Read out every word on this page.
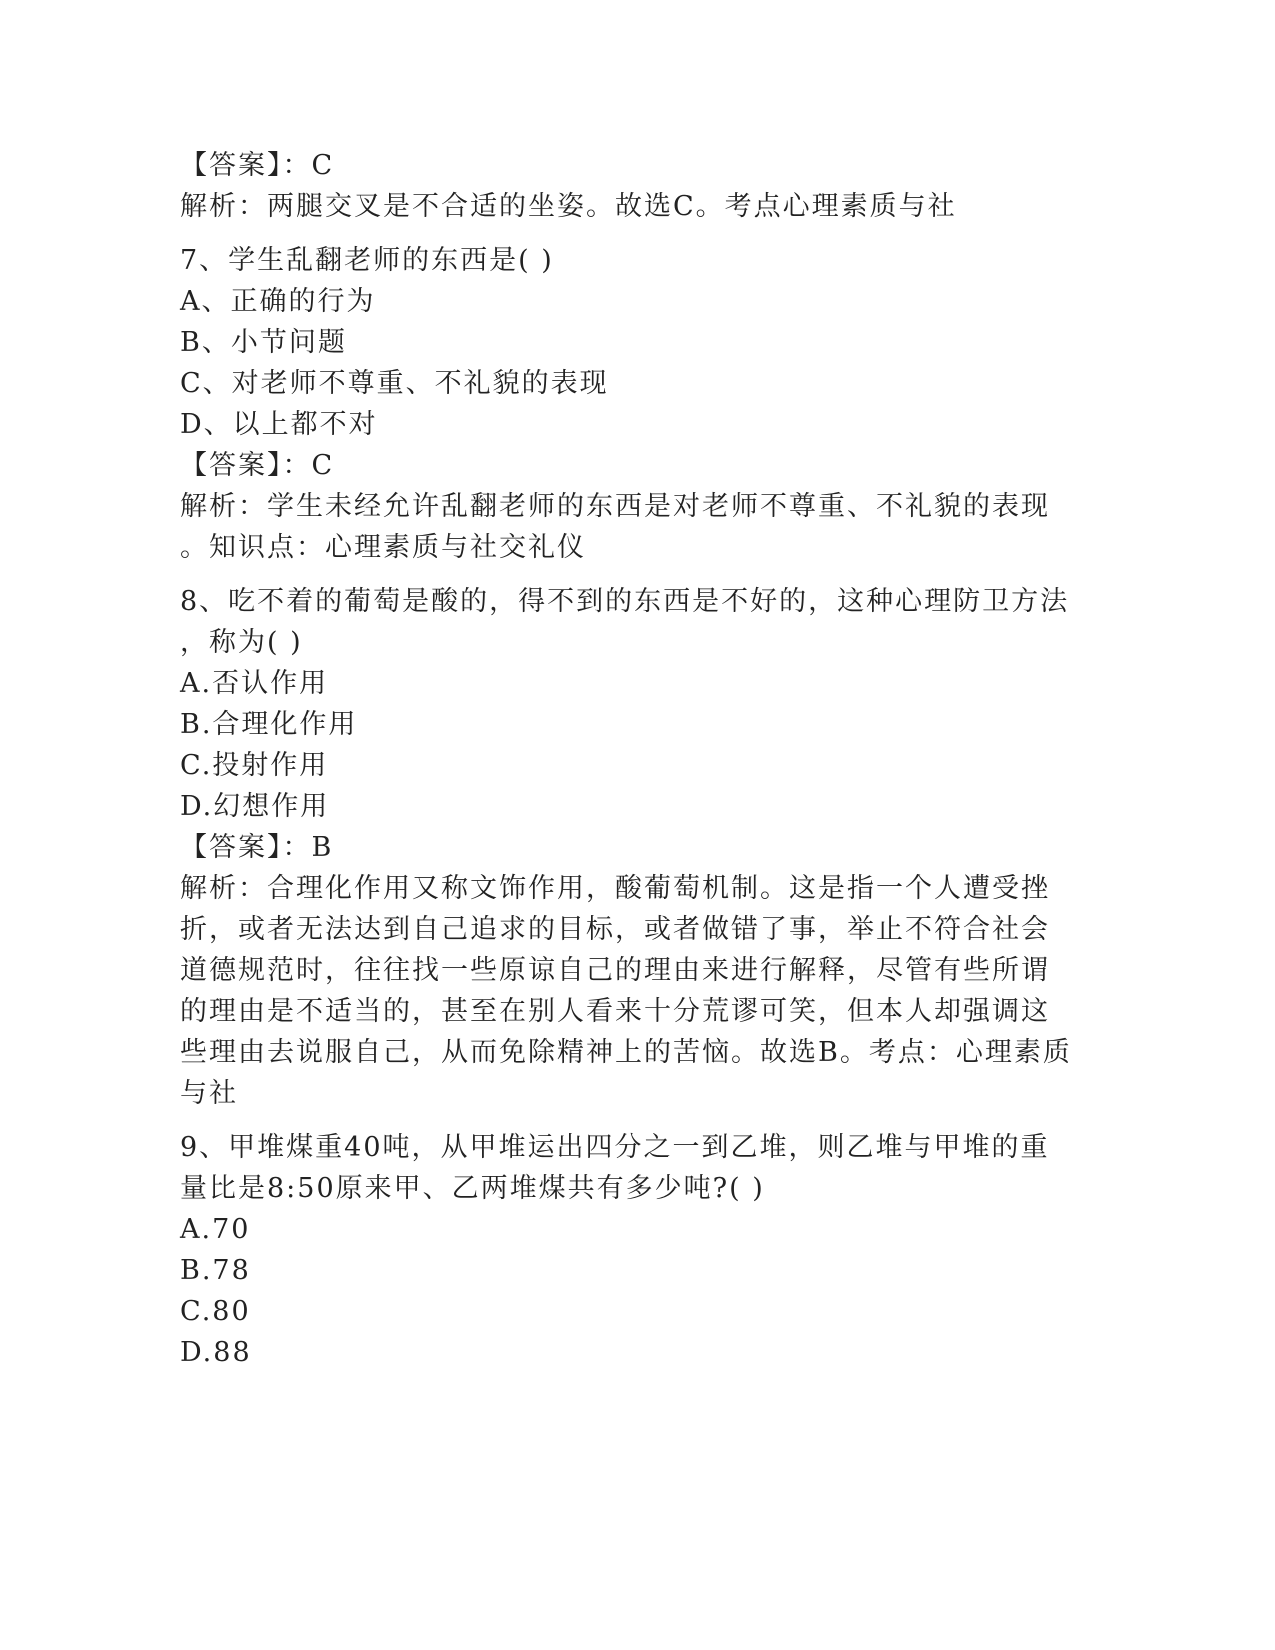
【答案】：C
解析：两腿交叉是不合适的坐姿。故选C。考点心理素质与社
7、学生乱翻老师的东西是( )
A、正确的行为
B、小节问题
C、对老师不尊重、不礼貌的表现
D、以上都不对
【答案】：C
解析：学生未经允许乱翻老师的东西是对老师不尊重、不礼貌的表现
。知识点：心理素质与社交礼仪
8、吃不着的葡萄是酸的，得不到的东西是不好的，这种心理防卫方法
，称为( )
A.否认作用
B.合理化作用
C.投射作用
D.幻想作用
【答案】：B
解析：合理化作用又称文饰作用，酸葡萄机制。这是指一个人遭受挫
折，或者无法达到自己追求的目标，或者做错了事，举止不符合社会
道德规范时，往往找一些原谅自己的理由来进行解释，尽管有些所谓
的理由是不适当的，甚至在别人看来十分荒谬可笑，但本人却强调这
些理由去说服自己，从而免除精神上的苦恼。故选B。考点：心理素质
与社
9、甲堆煤重40吨，从甲堆运出四分之一到乙堆，则乙堆与甲堆的重
量比是8:50原来甲、乙两堆煤共有多少吨?( )
A.70
B.78
C.80
D.88
